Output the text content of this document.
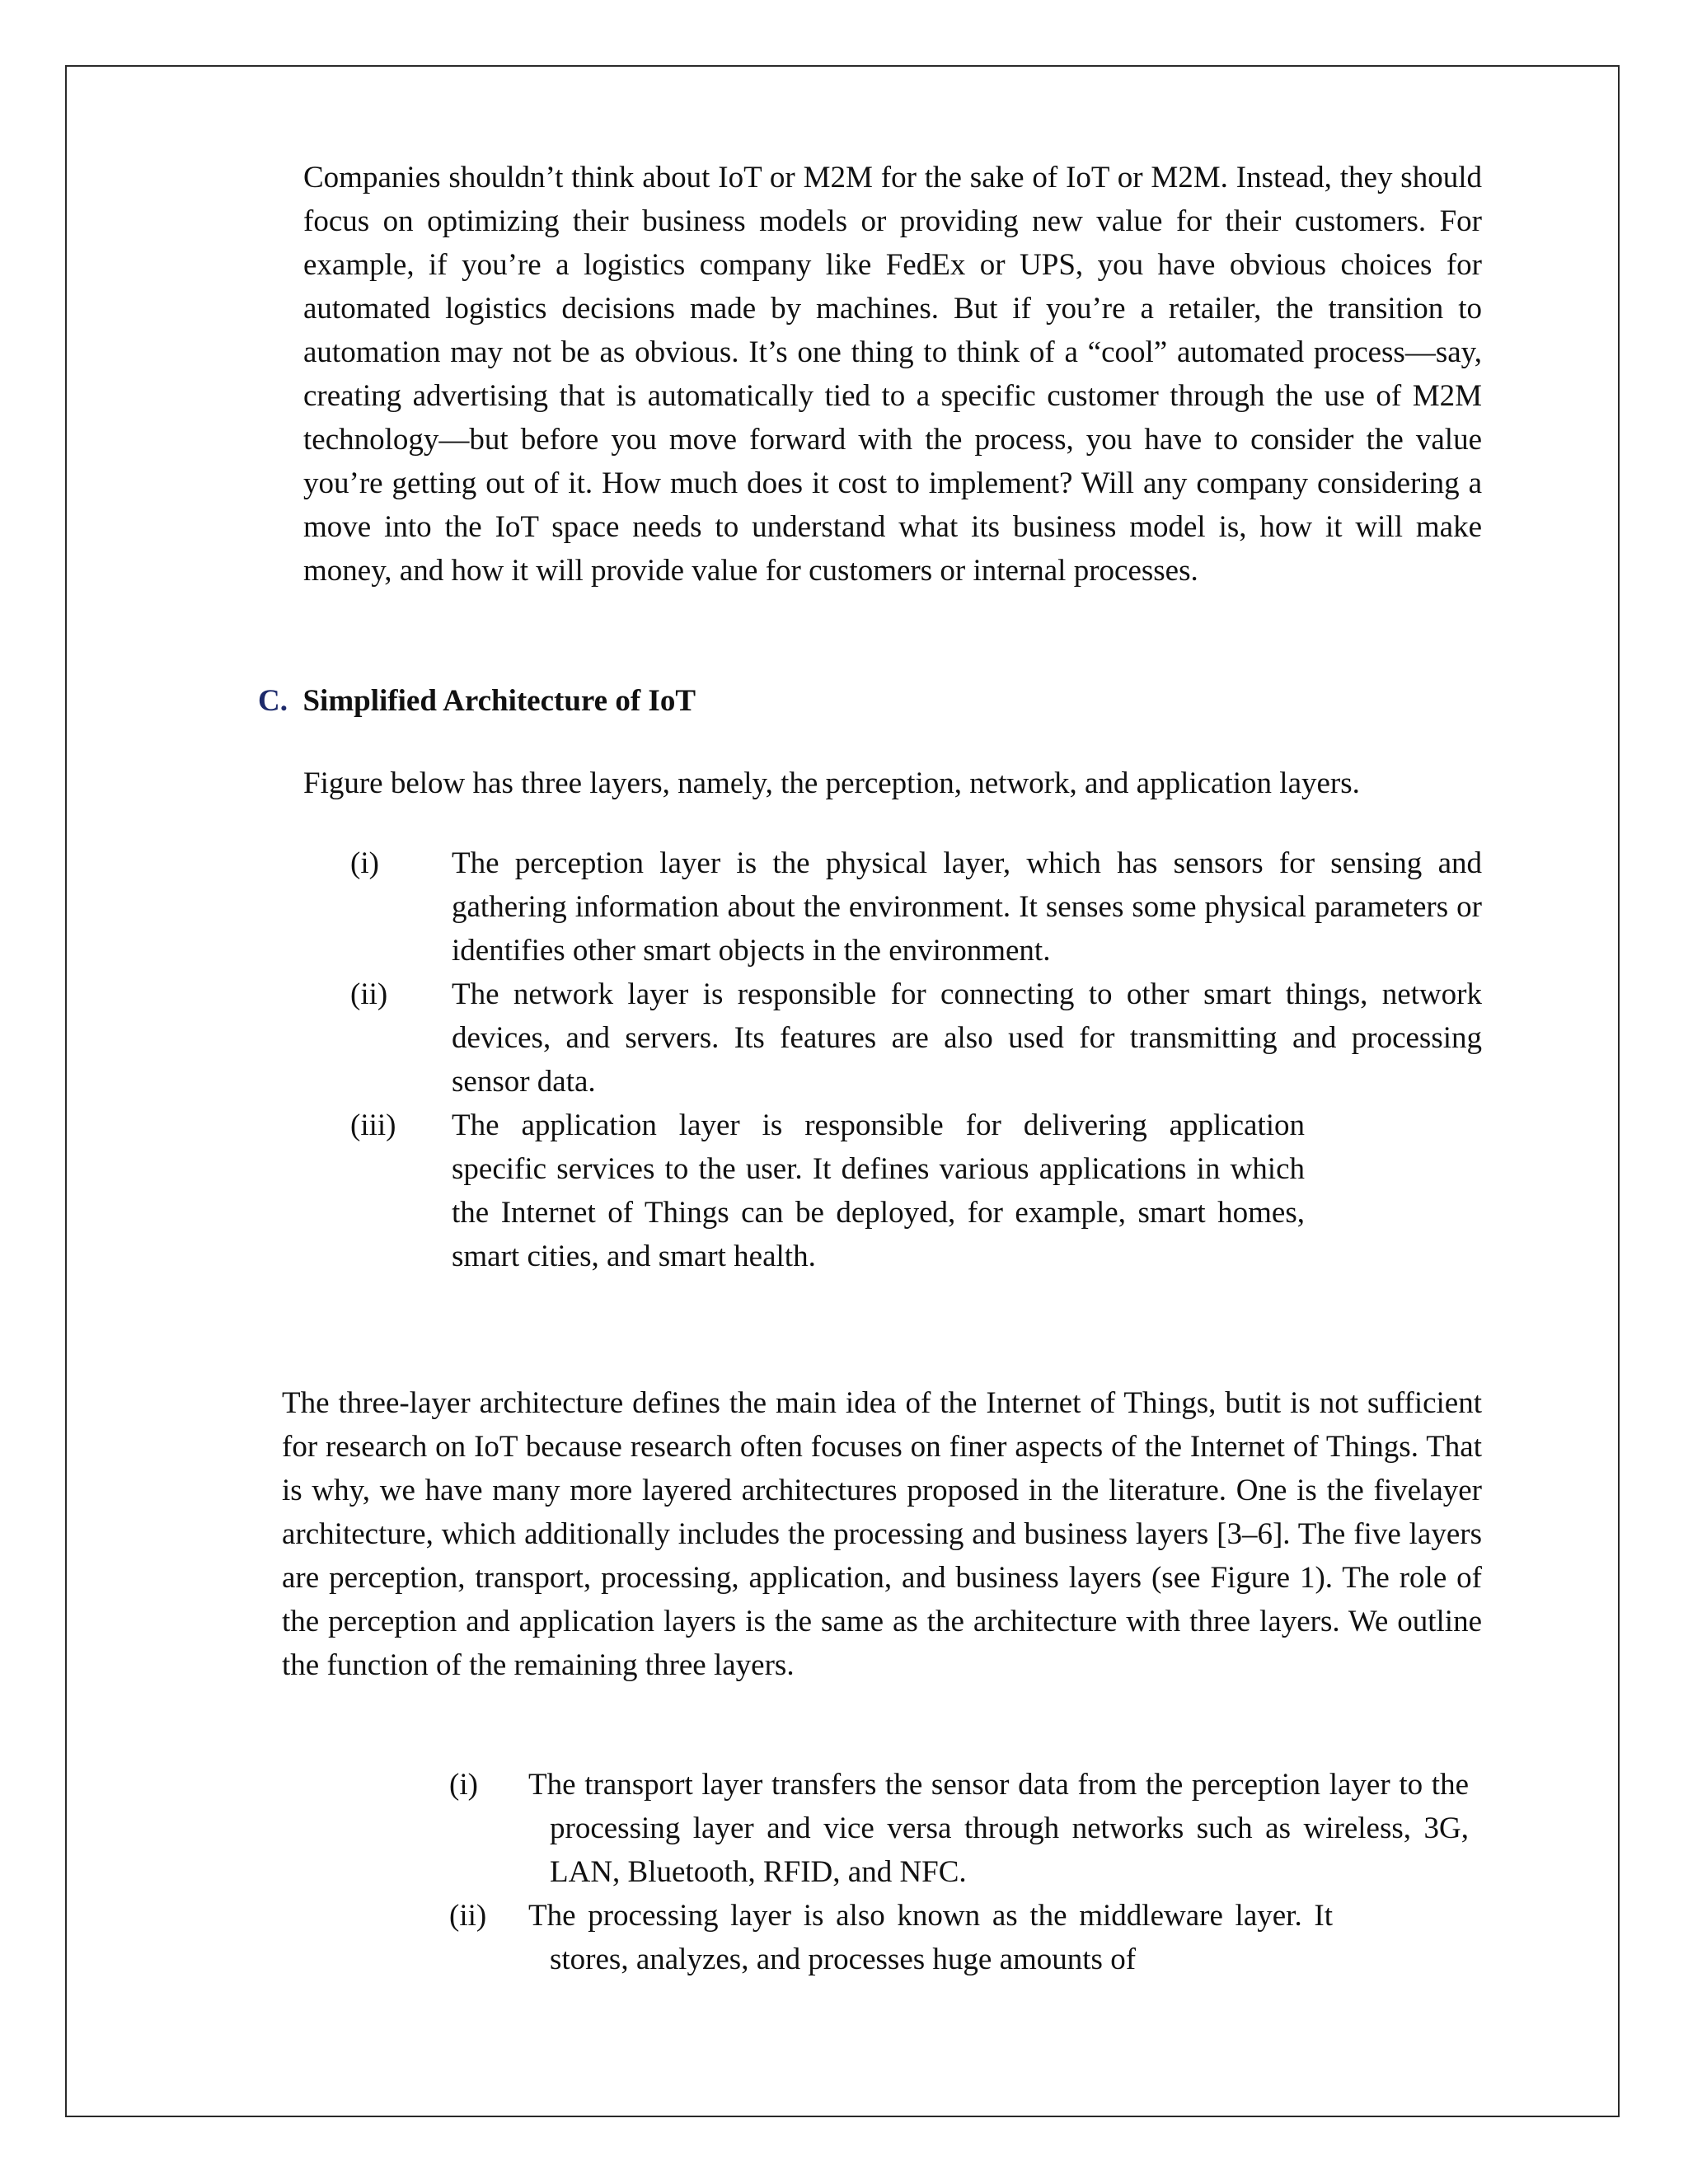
Companies shouldn’t think about IoT or M2M for the sake of IoT or M2M. Instead, they should focus on optimizing their business models or providing new value for their customers. For example, if you’re a logistics company like FedEx or UPS, you have obvious choices for automated logistics decisions made by machines. But if you’re a retailer, the transition to automation may not be as obvious. It’s one thing to think of a “cool” automated process—say, creating advertising that is automatically tied to a specific customer through the use of M2M technology—but before you move forward with the process, you have to consider the value you’re getting out of it. How much does it cost to implement? Will any company considering a move into the IoT space needs to understand what its business model is, how it will make money, and how it will provide value for customers or internal processes.

C. Simplified Architecture of IoT

Figure below has three layers, namely, the perception, network, and application layers.

(i) The perception layer is the physical layer, which has sensors for sensing and gathering information about the environment. It senses some physical parameters or identifies other smart objects in the environment.
(ii) The network layer is responsible for connecting to other smart things, network devices, and servers. Its features are also used for transmitting and processing sensor data.
(iii) The application layer is responsible for delivering application specific services to the user. It defines various applications in which the Internet of Things can be deployed, for example, smart homes, smart cities, and smart health.

The three-layer architecture defines the main idea of the Internet of Things, butit is not sufficient for research on IoT because research often focuses on finer aspects of the Internet of Things. That is why, we have many more layered architectures proposed in the literature. One is the fivelayer architecture, which additionally includes the processing and business layers [3–6]. The five layers are perception, transport, processing, application, and business layers (see Figure 1). The role of the perception and application layers is the same as the architecture with three layers. We outline the function of the remaining three layers.

(i) The transport layer transfers the sensor data from the perception layer to the processing layer and vice versa through networks such as wireless, 3G, LAN, Bluetooth, RFID, and NFC.
(ii) The processing layer is also known as the middleware layer. It stores, analyzes, and processes huge amounts of
